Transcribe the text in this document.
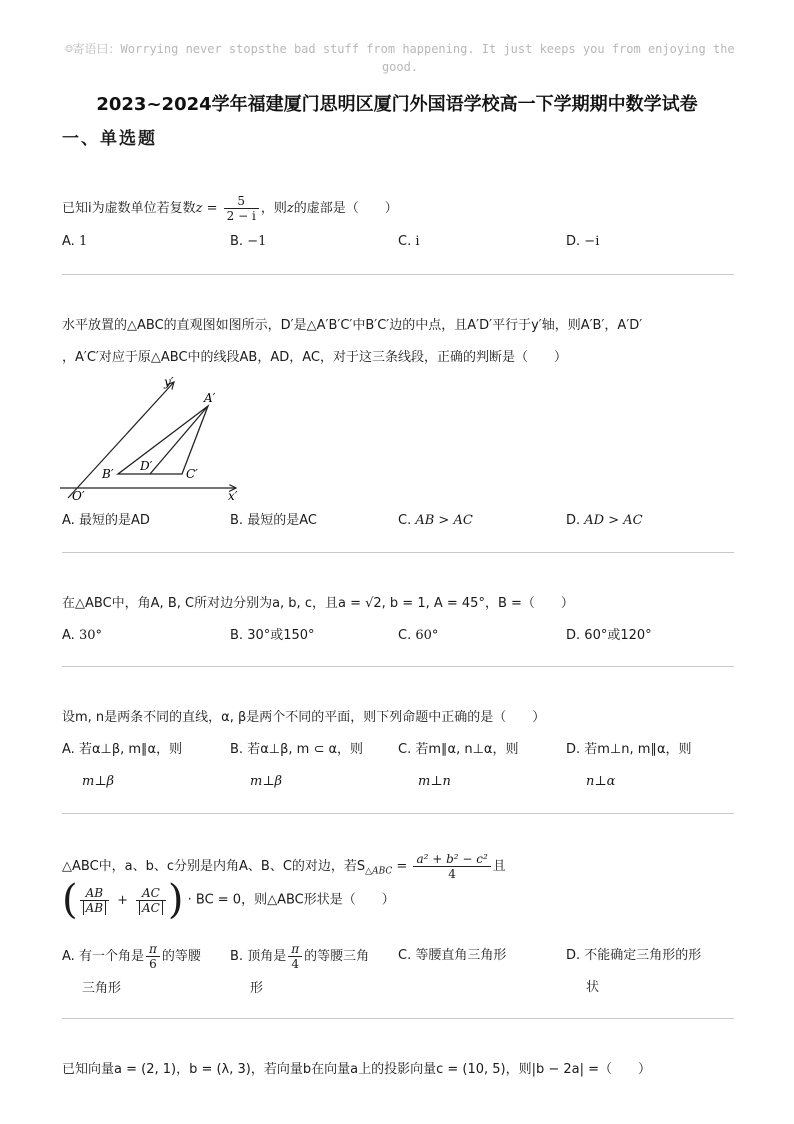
☺寄语曰：Worrying never stopsthe bad stuff from happening. It just keeps you from enjoying the
good.
2023~2024学年福建厦门思明区厦门外国语学校高一下学期期中数学试卷
一、单选题
已知i为虚数单位若复数$z = \frac{5}{2 - i}$ ，则z的虚部是（　　）
A. 1	B. −1	C. i	D. −i
水平放置的△ABC的直观图如图所示，D′是△A′B′C′中B′C′边的中点，且A′D′平行于y′轴，则A′B′，A′D′
，A′C′对应于原△ABC中的线段AB，AD，AC，对于这三条线段，正确的判断是（　　）
y′
x′
O′
A′
B′	C′
D′
A. 最短的是AD	B. 最短的是AC	C. AB > AC	D. AD > AC
在△ABC中，角A, B, C所对边分别为a, b, c，且a = √2, b = 1, A = 45°，B =（　　）
A. 30°	B. 30°或150°	C. 60°	D. 60°或120°
设m, n是两条不同的直线，α, β是两个不同的平面，则下列命题中正确的是（　　）
A. 若α⊥β, m∥α，则
m⊥β
B. 若α⊥β, m ⊂ α，则
m⊥β
C. 若m∥α, n⊥α，则
m⊥n
D. 若m⊥n, m∥α，则
n⊥α
△ABC中，a、b、c分别是内角A、B、C的对边，若$S_{\triangle ABC} = \frac{\text{a² + b² − c²}}{4}$ 且
( $\frac{AB}{AB} + \frac{AC}{AC}$ ) · BC = 0，则△ABC形状是（　　）
A. 有一个角是 $\frac{\pi}{6}$ 的等腰
三角形
B. 顶角是 $\frac{\pi}{4}$ 的等腰三角
形
C. 等腰直角三角形	D. 不能确定三角形的形
状
已知向量a = (2, 1)，b = (λ, 3)，若向量b在向量a上的投影向量c = (10, 5)，则|b − 2a| =（　　）
